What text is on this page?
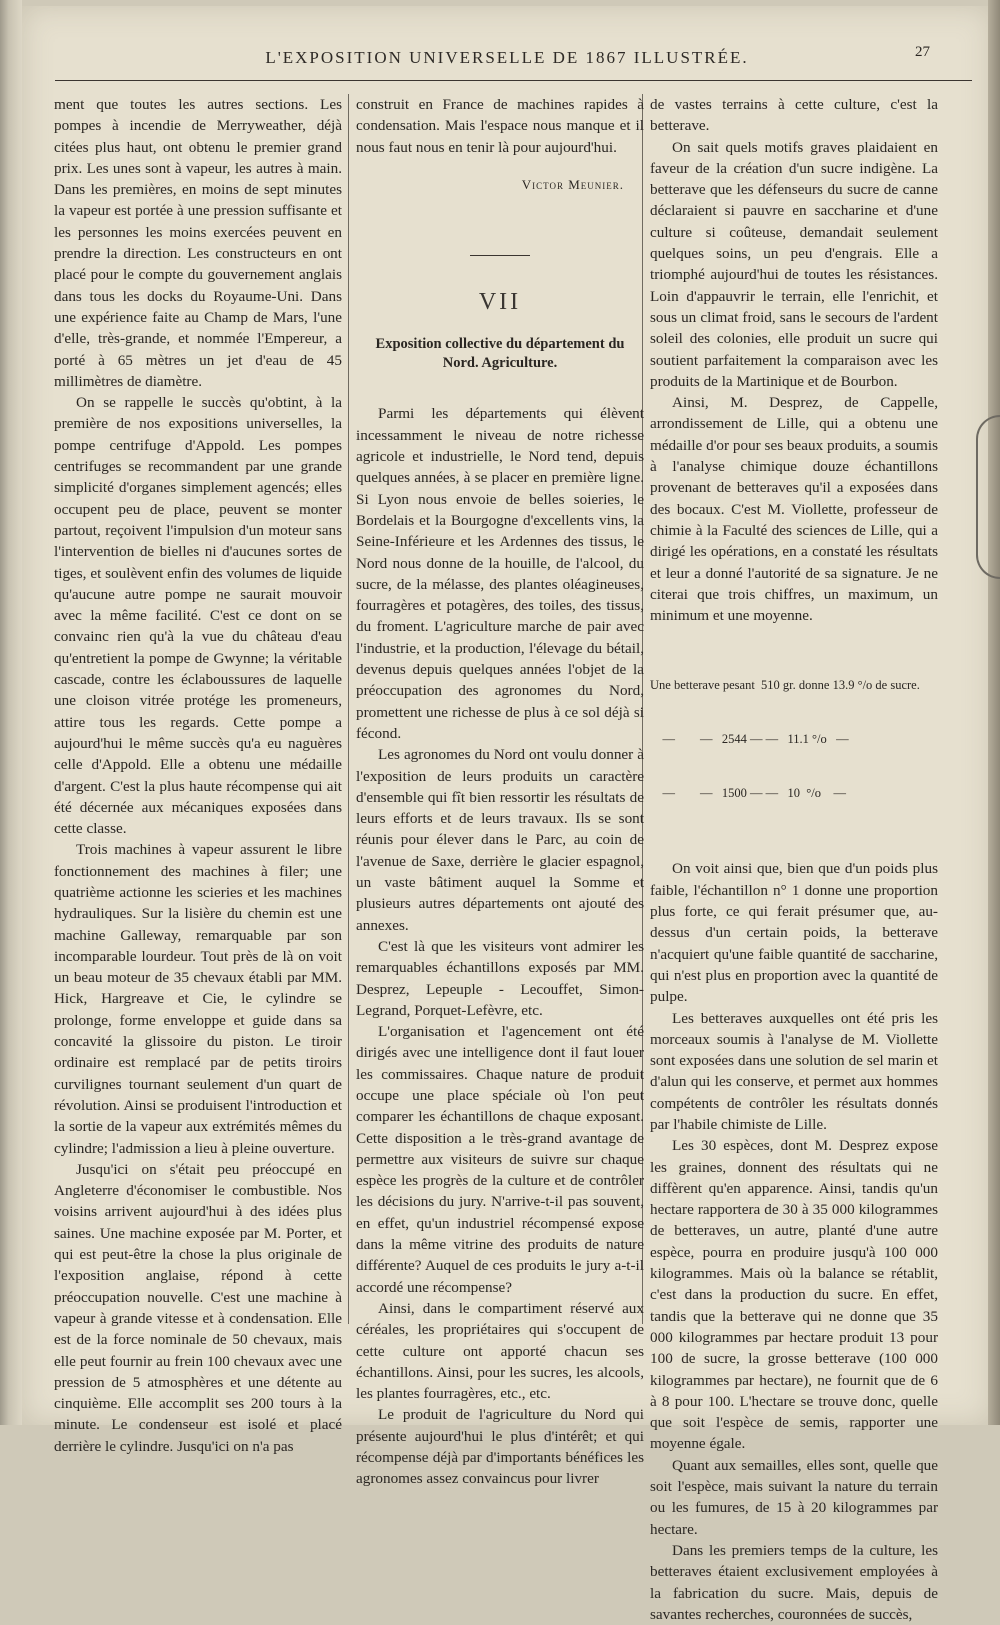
L'EXPOSITION UNIVERSELLE DE 1867 ILLUSTRÉE.	27

ment que toutes les autres sections. Les pompes à incendie de Merryweather, déjà citées plus haut, ont obtenu le premier grand prix. Les unes sont à vapeur, les autres à main. Dans les premières, en moins de sept minutes la vapeur est portée à une pression suffisante et les personnes les moins exercées peuvent en prendre la direction. Les constructeurs en ont placé pour le compte du gouvernement anglais dans tous les docks du Royaume-Uni. Dans une expérience faite au Champ de Mars, l'une d'elle, très-grande, et nommée l'Empereur, a porté à 65 mètres un jet d'eau de 45 millimètres de diamètre.

On se rappelle le succès qu'obtint, à la première de nos expositions universelles, la pompe centrifuge d'Appold. Les pompes centrifuges se recommandent par une grande simplicité d'organes simplement agencés; elles occupent peu de place, peuvent se monter partout, reçoivent l'impulsion d'un moteur sans l'intervention de bielles ni d'aucunes sortes de tiges, et soulèvent enfin des volumes de liquide qu'aucune autre pompe ne saurait mouvoir avec la même facilité. C'est ce dont on se convainc rien qu'à la vue du château d'eau qu'entretient la pompe de Gwynne; la véritable cascade, contre les éclaboussures de laquelle une cloison vitrée protége les promeneurs, attire tous les regards. Cette pompe a aujourd'hui le même succès qu'a eu naguères celle d'Appold. Elle a obtenu une médaille d'argent. C'est la plus haute récompense qui ait été décernée aux mécaniques exposées dans cette classe.

Trois machines à vapeur assurent le libre fonctionnement des machines à filer; une quatrième actionne les scieries et les machines hydrauliques. Sur la lisière du chemin est une machine Galleway, remarquable par son incomparable lourdeur. Tout près de là on voit un beau moteur de 35 chevaux établi par MM. Hick, Hargreave et Cie, le cylindre se prolonge, forme enveloppe et guide dans sa concavité la glissoire du piston. Le tiroir ordinaire est remplacé par de petits tiroirs curvilignes tournant seulement d'un quart de révolution. Ainsi se produisent l'introduction et la sortie de la vapeur aux extrémités mêmes du cylindre; l'admission a lieu à pleine ouverture.

Jusqu'ici on s'était peu préoccupé en Angleterre d'économiser le combustible. Nos voisins arrivent aujourd'hui à des idées plus saines. Une machine exposée par M. Porter, et qui est peut-être la chose la plus originale de l'exposition anglaise, répond à cette préoccupation nouvelle. C'est une machine à vapeur à grande vitesse et à condensation. Elle est de la force nominale de 50 chevaux, mais elle peut fournir au frein 100 chevaux avec une pression de 5 atmosphères et une détente au cinquième. Elle accomplit ses 200 tours à la minute. Le condenseur est isolé et placé derrière le cylindre. Jusqu'ici on n'a pas

construit en France de machines rapides à condensation. Mais l'espace nous manque et il nous faut nous en tenir là pour aujourd'hui.

Victor Meunier.
VII
Exposition collective du département du Nord. Agriculture.

Parmi les départements qui élèvent incessamment le niveau de notre richesse agricole et industrielle, le Nord tend, depuis quelques années, à se placer en première ligne. Si Lyon nous envoie de belles soieries, le Bordelais et la Bourgogne d'excellents vins, la Seine-Inférieure et les Ardennes des tissus, le Nord nous donne de la houille, de l'alcool, du sucre, de la mélasse, des plantes oléagineuses, fourragères et potagères, des toiles, des tissus, du froment. L'agriculture marche de pair avec l'industrie, et la production, l'élevage du bétail, devenus depuis quelques années l'objet de la préoccupation des agronomes du Nord, promettent une richesse de plus à ce sol déjà si fécond.

Les agronomes du Nord ont voulu donner à l'exposition de leurs produits un caractère d'ensemble qui fît bien ressortir les résultats de leurs efforts et de leurs travaux. Ils se sont réunis pour élever dans le Parc, au coin de l'avenue de Saxe, derrière le glacier espagnol, un vaste bâtiment auquel la Somme et plusieurs autres départements ont ajouté des annexes.

C'est là que les visiteurs vont admirer les remarquables échantillons exposés par MM. Desprez, Lepeuple - Lecouffet, Simon-Legrand, Porquet-Lefèvre, etc.

L'organisation et l'agencement ont été dirigés avec une intelligence dont il faut louer les commissaires. Chaque nature de produit occupe une place spéciale où l'on peut comparer les échantillons de chaque exposant. Cette disposition a le très-grand avantage de permettre aux visiteurs de suivre sur chaque espèce les progrès de la culture et de contrôler les décisions du jury. N'arrive-t-il pas souvent, en effet, qu'un industriel récompensé expose dans la même vitrine des produits de nature différente? Auquel de ces produits le jury a-t-il accordé une récompense?

Ainsi, dans le compartiment réservé aux céréales, les propriétaires qui s'occupent de cette culture ont apporté chacun ses échantillons. Ainsi, pour les sucres, les alcools, les plantes fourragères, etc., etc.

Le produit de l'agriculture du Nord qui présente aujourd'hui le plus d'intérêt; et qui récompense déjà par d'importants bénéfices les agronomes assez convaincus pour livrer

de vastes terrains à cette culture, c'est la betterave.

On sait quels motifs graves plaidaient en faveur de la création d'un sucre indigène. La betterave que les défenseurs du sucre de canne déclaraient si pauvre en saccharine et d'une culture si coûteuse, demandait seulement quelques soins, un peu d'engrais. Elle a triomphé aujourd'hui de toutes les résistances. Loin d'appauvrir le terrain, elle l'enrichit, et sous un climat froid, sans le secours de l'ardent soleil des colonies, elle produit un sucre qui soutient parfaitement la comparaison avec les produits de la Martinique et de Bourbon.

Ainsi, M. Desprez, de Cappelle, arrondissement de Lille, qui a obtenu une médaille d'or pour ses beaux produits, a soumis à l'analyse chimique douze échantillons provenant de betteraves qu'il a exposées dans des bocaux. C'est M. Viollette, professeur de chimie à la Faculté des sciences de Lille, qui a dirigé les opérations, en a constaté les résultats et leur a donné l'autorité de sa signature. Je ne citerai que trois chiffres, un maximum, un minimum et une moyenne.

Une betterave pesant  510 gr. donne 13.9 °/o de sucre.

—        —   2544 — —   11.1 °/o   —

—        —   1500 — —   10  °/o    —

On voit ainsi que, bien que d'un poids plus faible, l'échantillon n° 1 donne une proportion plus forte, ce qui ferait présumer que, au-dessus d'un certain poids, la betterave n'acquiert qu'une faible quantité de saccharine, qui n'est plus en proportion avec la quantité de pulpe.

Les betteraves auxquelles ont été pris les morceaux soumis à l'analyse de M. Viollette sont exposées dans une solution de sel marin et d'alun qui les conserve, et permet aux hommes compétents de contrôler les résultats donnés par l'habile chimiste de Lille.

Les 30 espèces, dont M. Desprez expose les graines, donnent des résultats qui ne diffèrent qu'en apparence. Ainsi, tandis qu'un hectare rapportera de 30 à 35 000 kilogrammes de betteraves, un autre, planté d'une autre espèce, pourra en produire jusqu'à 100 000 kilogrammes. Mais où la balance se rétablit, c'est dans la production du sucre. En effet, tandis que la betterave qui ne donne que 35 000 kilogrammes par hectare produit 13 pour 100 de sucre, la grosse betterave (100 000 kilogrammes par hectare), ne fournit que de 6 à 8 pour 100. L'hectare se trouve donc, quelle que soit l'espèce de semis, rapporter une moyenne égale.

Quant aux semailles, elles sont, quelle que soit l'espèce, mais suivant la nature du terrain ou les fumures, de 15 à 20 kilogrammes par hectare.

Dans les premiers temps de la culture, les betteraves étaient exclusivement employées à la fabrication du sucre. Mais, depuis de savantes recherches, couronnées de succès,
